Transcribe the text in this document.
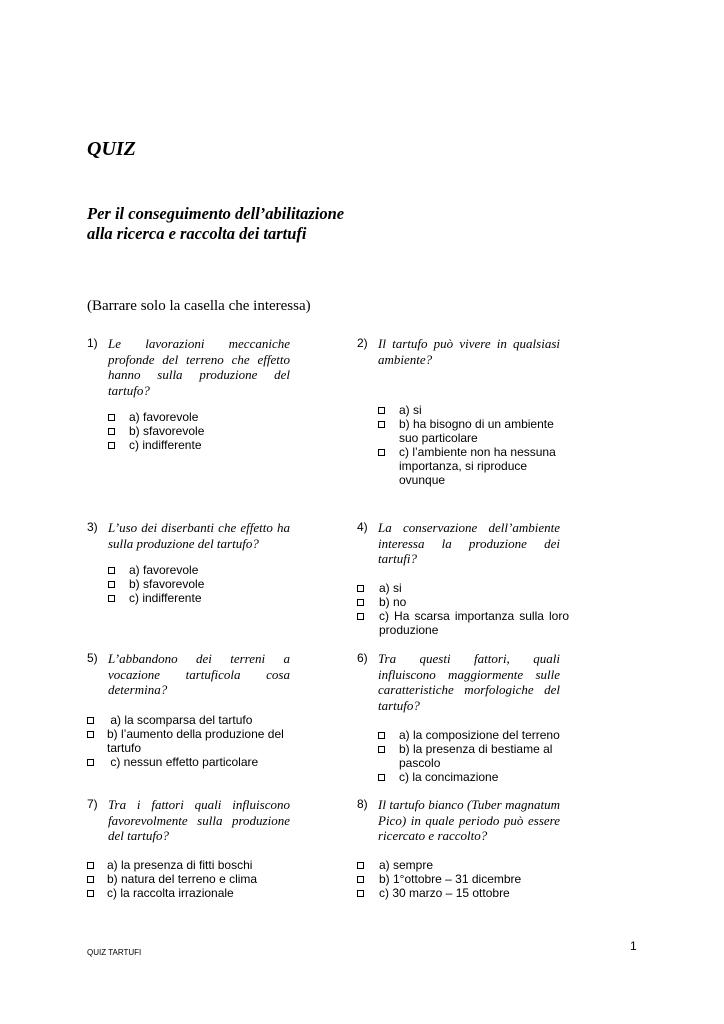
QUIZ
Per il conseguimento dell’abilitazione
alla ricerca e raccolta dei tartufi
(Barrare solo la casella che interessa)
1) Le lavorazioni meccaniche profonde del terreno che effetto hanno sulla produzione del tartufo?
a) favorevole
b) sfavorevole
c) indifferente
2) Il tartufo può vivere in qualsiasi ambiente?
a) si
b) ha bisogno di un ambiente suo particolare
c) l’ambiente non ha nessuna importanza, si riproduce ovunque
3) L’uso dei diserbanti che effetto ha sulla produzione del tartufo?
a) favorevole
b) sfavorevole
c) indifferente
4) La conservazione dell’ambiente interessa la produzione dei tartufi?
a) si
b) no
c) Ha scarsa importanza sulla loro produzione
5) L’abbandono dei terreni a vocazione tartuficola cosa determina?
a) la scomparsa del tartufo
b) l’aumento della produzione del tartufo
c) nessun effetto particolare
6) Tra questi fattori, quali influiscono maggiormente sulle caratteristiche morfologiche del tartufo?
a) la composizione del terreno
b) la presenza di bestiame al pascolo
c) la concimazione
7) Tra i fattori quali influiscono favorevolmente sulla produzione del tartufo?
a) la presenza di fitti boschi
b) natura del terreno e clima
c) la raccolta irrazionale
8) Il tartufo bianco (Tuber magnatum Pico) in quale periodo può essere ricercato e raccolto?
a) sempre
b) 1°ottobre – 31 dicembre
c) 30 marzo – 15 ottobre
QUIZ TARTUFI	1
